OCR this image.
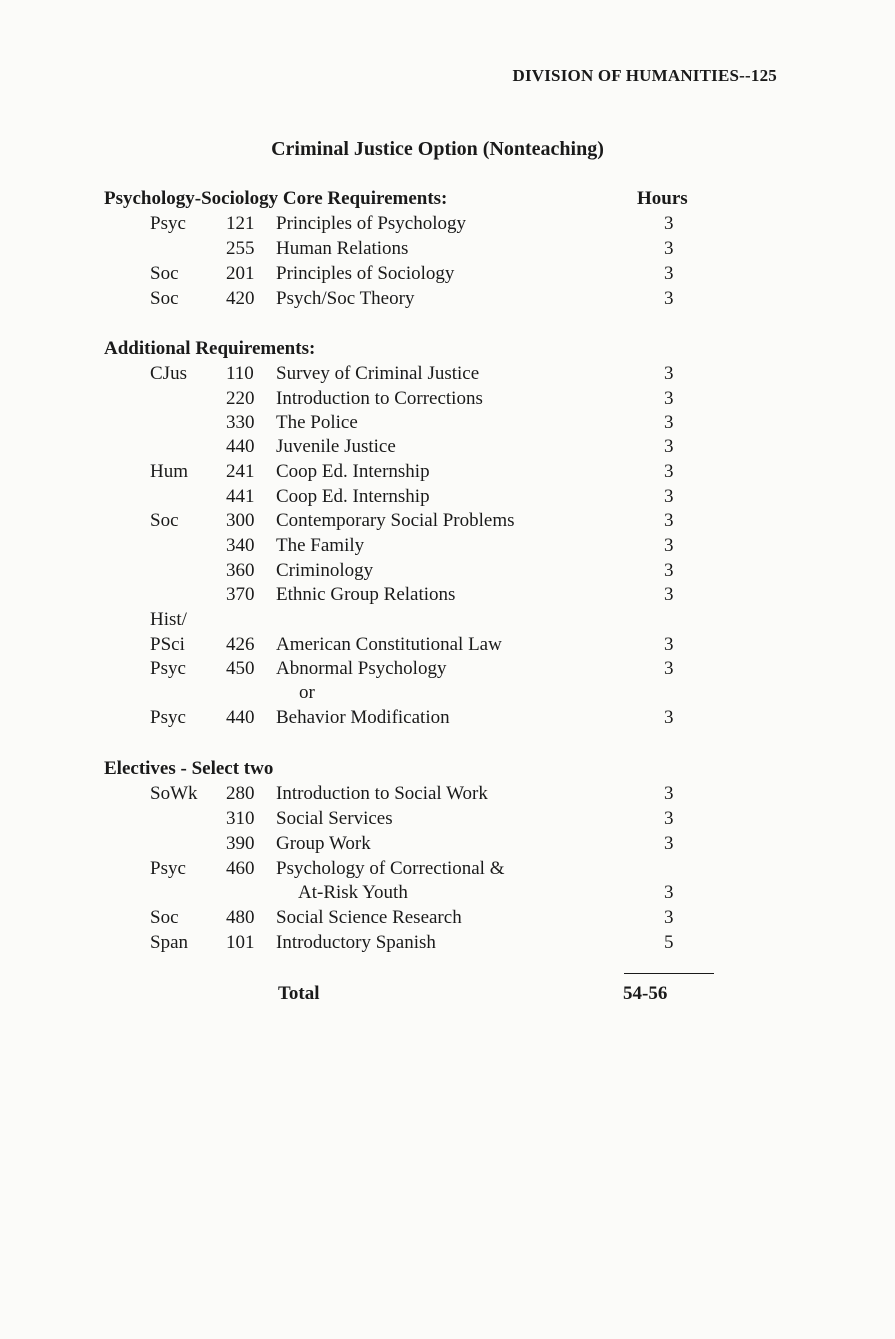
DIVISION OF HUMANITIES--125
Criminal Justice Option (Nonteaching)
Psychology-Sociology Core Requirements:	Hours
Psyc 121 Principles of Psychology	3
255 Human Relations	3
Soc	201 Principles of Sociology	3
Soc	420 Psych/Soc Theory	3
Additional Requirements:
CJus 110 Survey of Criminal Justice	3
220 Introduction to Corrections	3
330 The Police	3
440 Juvenile Justice	3
Hum 241 Coop Ed. Internship	3
441 Coop Ed. Internship	3
Soc	300 Contemporary Social Problems	3
340 The Family	3
360 Criminology	3
370 Ethnic Group Relations	3
Hist/
PSci 426 American Constitutional Law	3
Psyc 450 Abnormal Psychology	3
or
Psyc 440 Behavior Modification	3
Electives - Select two
SoWk 280 Introduction to Social Work	3
310 Social Services	3
390 Group Work	3
Psyc 460 Psychology of Correctional &
At-Risk Youth	3
Soc	480 Social Science Research	3
Span 101 Introductory Spanish	5
Total	54-56
